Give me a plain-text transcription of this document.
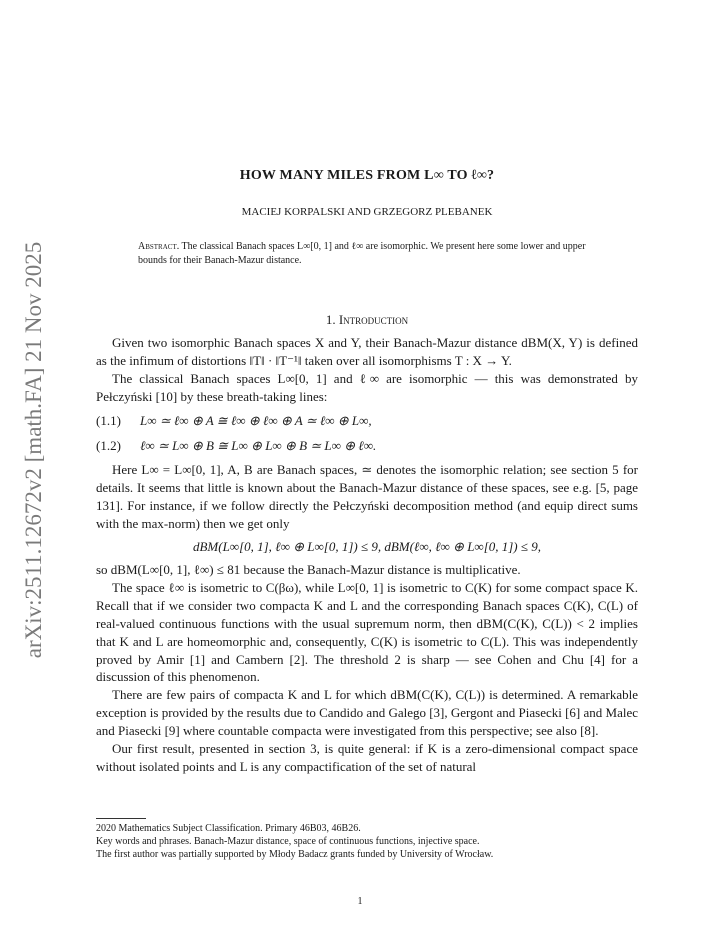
arXiv:2511.12672v2 [math.FA] 21 Nov 2025
HOW MANY MILES FROM L∞ TO ℓ∞?
MACIEJ KORPALSKI AND GRZEGORZ PLEBANEK
Abstract. The classical Banach spaces L∞[0, 1] and ℓ∞ are isomorphic. We present here some lower and upper bounds for their Banach-Mazur distance.
1. Introduction

Given two isomorphic Banach spaces X and Y, their Banach-Mazur distance dBM(X, Y) is defined as the infimum of distortions ‖T‖ · ‖T⁻¹‖ taken over all isomorphisms T : X → Y.

The classical Banach spaces L∞[0, 1] and ℓ∞ are isomorphic — this was demonstrated by Pełczyński [10] by these breath-taking lines:

(1.1) L∞ ≃ ℓ∞ ⊕ A ≅ ℓ∞ ⊕ ℓ∞ ⊕ A ≃ ℓ∞ ⊕ L∞,
(1.2) ℓ∞ ≃ L∞ ⊕ B ≅ L∞ ⊕ L∞ ⊕ B ≃ L∞ ⊕ ℓ∞.

Here L∞ = L∞[0, 1], A, B are Banach spaces, ≃ denotes the isomorphic relation; see section 5 for details. It seems that little is known about the Banach-Mazur distance of these spaces, see e.g. [5, page 131]. For instance, if we follow directly the Pełczyński decomposition method (and equip direct sums with the max-norm) then we get only

dBM(L∞[0, 1], ℓ∞ ⊕ L∞[0, 1]) ≤ 9, dBM(ℓ∞, ℓ∞ ⊕ L∞[0, 1]) ≤ 9,

so dBM(L∞[0, 1], ℓ∞) ≤ 81 because the Banach-Mazur distance is multiplicative.

The space ℓ∞ is isometric to C(βω), while L∞[0, 1] is isometric to C(K) for some compact space K. Recall that if we consider two compacta K and L and the corresponding Banach spaces C(K), C(L) of real-valued continuous functions with the usual supremum norm, then dBM(C(K), C(L)) < 2 implies that K and L are homeomorphic and, consequently, C(K) is isometric to C(L). This was independently proved by Amir [1] and Cambern [2]. The threshold 2 is sharp — see Cohen and Chu [4] for a discussion of this phenomenon.

There are few pairs of compacta K and L for which dBM(C(K), C(L)) is determined. A remarkable exception is provided by the results due to Candido and Galego [3], Gergont and Piasecki [6] and Malec and Piasecki [9] where countable compacta were investigated from this perspective; see also [8].

Our first result, presented in section 3, is quite general: if K is a zero-dimensional compact space without isolated points and L is any compactification of the set of natural

2020 Mathematics Subject Classification. Primary 46B03, 46B26.
Key words and phrases. Banach-Mazur distance, space of continuous functions, injective space.
The first author was partially supported by Młody Badacz grants funded by University of Wrocław.
1
